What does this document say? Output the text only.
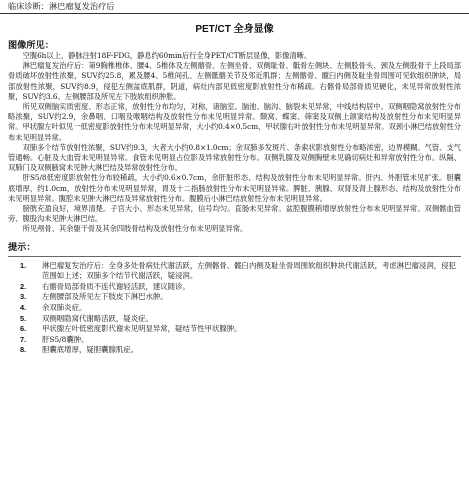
临床诊断：淋巴瘤复发治疗后
PET/CT 全身显像
图像所见：

空腹6h以上，静脉注射18F-FDG，静息约60min后行全身PET/CT断层显像，影像清晰。

淋巴瘤复发治疗后：第9胸椎椎体、腰4、5椎体及左侧髂骨、左侧坐骨、双侧耻骨、骶骨左侧块、左侧股骨头、颈及左侧股骨干上段局部骨质破坏放射性浓聚，SUV约25.8，累及腰4、5椎间孔、左侧骶髂关节及邻近肌群；左侧髂骨、髋臼内侧及耻坐骨周围可见软组织肿块，局部放射性浓聚，SUV约8.9，侵犯左侧盆底肌群，阴道，病灶内部见低密度影放射性分布稀疏。右髂骨局部骨质见硬化，未见异常放射性浓聚，SUV约3.6。左侧腰部及所见左下肢软组织肿胀。

所见双侧脑实质密度、形态正常，放射性分布均匀，对称，诸脑室、脑池、脑沟、脑裂未见异常，中线结构居中。双侧咽隐窝放射性分布略浓聚，SUV约2.9，余鼻咽、口咽及喉咽结构及放射性分布未见明显异常。颞窝、蝶窦、筛窦及双侧上颌窦结构及放射性分布未见明显异常。甲状腺左叶似见一低密度影放射性分布未见明显异常，大小约0.4×0.5cm，甲状腺右叶放射性分布未见明显异常。双颈小淋巴结放射性分布未见明显异常。

双肺多个结节放射性浓聚，SUV约9.3，大者大小约0.8×1.0cm；余双肺多发斑片、条索状影放射性分布略浓密，边界模糊。气管、支气管通畅。心脏及大血管未见明显异常。食管未见明显占位影及异常放射性分布。双侧乳腺及双侧胸壁未见确切病灶和异常放射性分布。纵隔、双肺门及双侧腋窝未见肿大淋巴结及异常放射性分布。

肝S5/8低密度影放射性分布较稀疏，大小约0.6×0.7cm，余肝脏形态、结构及放射性分布未见明显异常。肝内、外胆管未见扩张。胆囊底增厚，约1.0cm，放射性分布未见明显异常，胃及十二指肠放射性分布未见明显异常。脾脏、胰腺、双肾及肾上腺形态、结构及放射性分布未见明显异常。腹腔未见肿大淋巴结及异常放射性分布。腹膜后小淋巴结放射性分布未见明显异常。

膀胱充盈良好，境界清楚。子宫大小、形态未见异常，信号均匀。直肠未见异常。盆腔腹膜稍增厚放射性分布未见明显异常。双侧髂血管旁、腹股沟未见肿大淋巴结。

所见颅骨、其余躯干骨及其余四肢骨结构及放射性分布未见明显异常。

提示：
1.	淋巴瘤复发治疗后：全身多处骨病灶代谢活跃，左侧髂骨、髋臼内侧及耻坐骨周围软组织肿块代谢活跃，考虑淋巴瘤浸润，侵犯范围如上述；双肺多个结节代谢活跃，疑浸润。
2.	右髂骨局部骨质不连代谢轻活跃，建议随诊。
3.	左侧腰部及所见左下肢皮下淋巴水肿。
4.	余双肺炎症。
5.	双侧咽隐窝代谢略活跃，疑炎症。
6.	甲状腺左叶低密度影代谢未见明显异常，疑结节性甲状腺肿。
7.	肝S5/8囊肿。
8.	胆囊底增厚，疑胆囊腺肌症。
